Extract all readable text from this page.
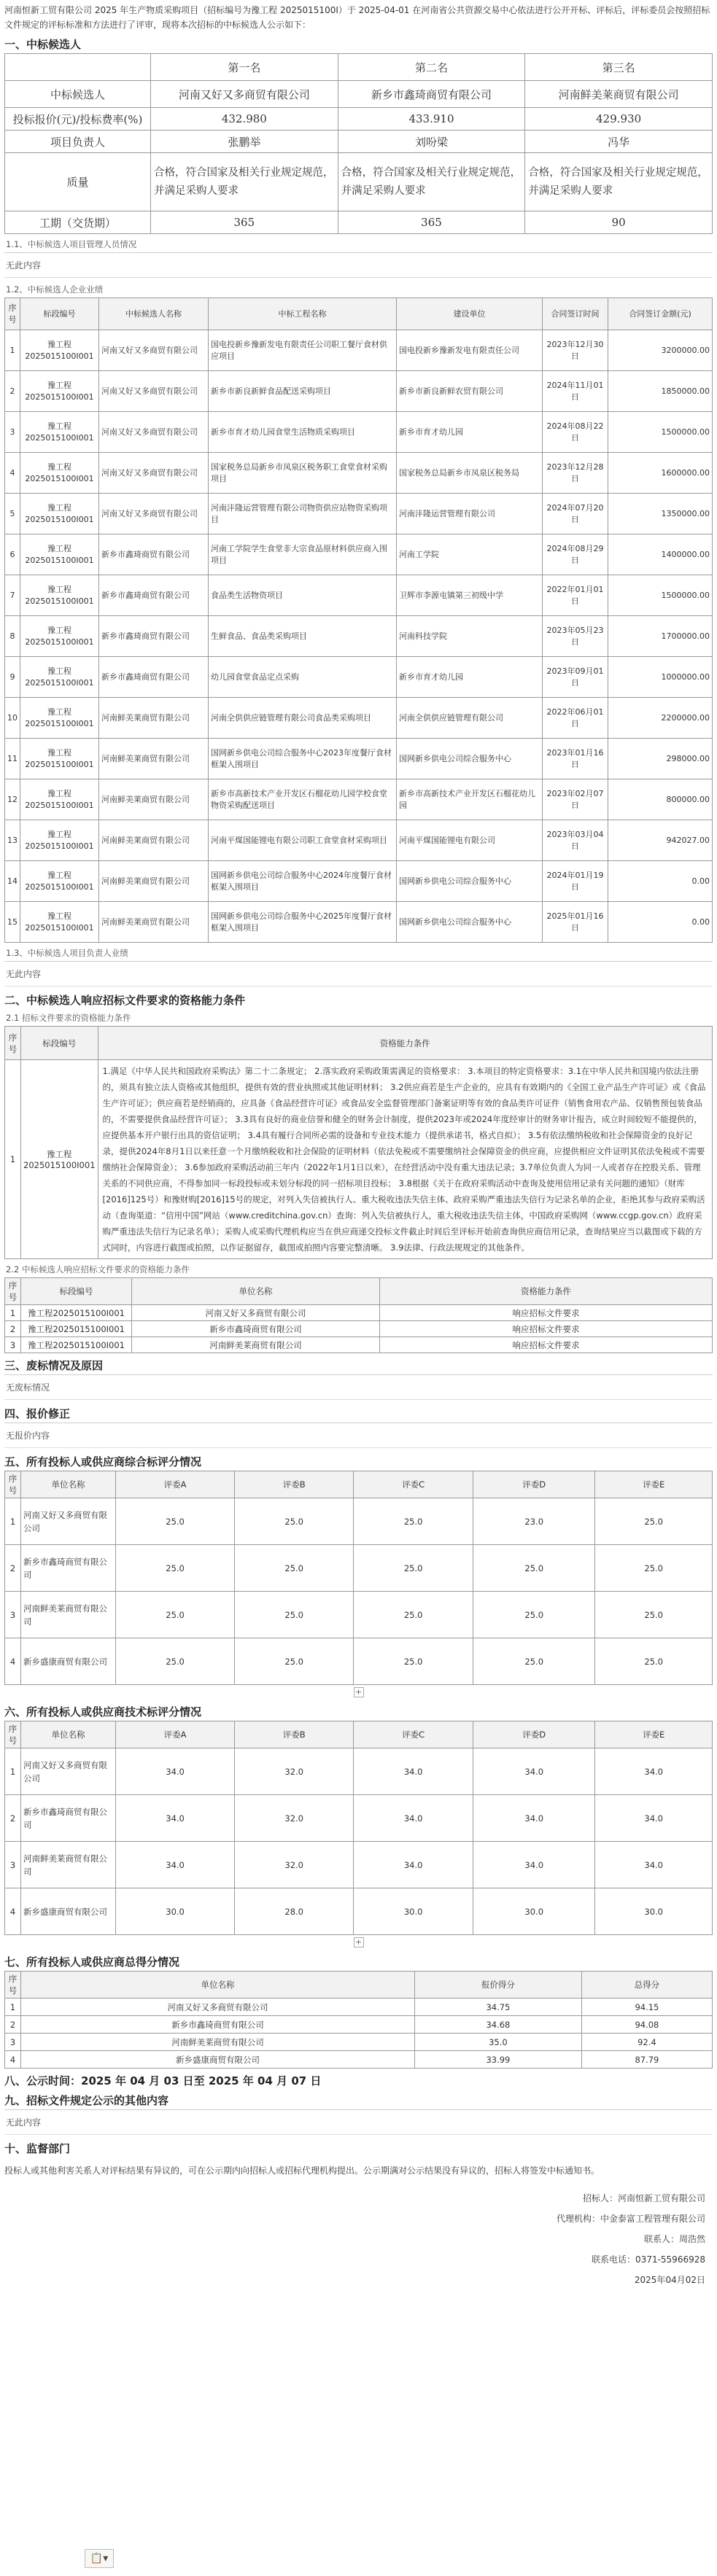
河南恒新工贸有限公司 2025 年生产物质采购项目（招标编号为豫工程 2025015100I）于 2025-04-01 在河南省公共资源交易中心依法进行公开开标、评标后，评标委员会按照招标文件规定的评标标准和方法进行了评审，现将本次招标的中标候选人公示如下：

一、中标候选人
	第一名	第二名	第三名
中标候选人	河南又好又多商贸有限公司	新乡市鑫琦商贸有限公司	河南鲜美莱商贸有限公司
投标报价(元)/投标费率(%)	432.980	433.910	429.930
项目负责人	张鹏举	刘吩梁	冯华
质量	合格，符合国家及相关行业规定规范，并满足采购人要求	合格，符合国家及相关行业规定规范，并满足采购人要求	合格，符合国家及相关行业规定规范，并满足采购人要求
工期（交货期）	365	365	90
1.1、中标候选人项目管理人员情况
无此内容
1.2、中标候选人企业业绩
序号	标段编号	中标候选人名称	中标工程名称	建设单位	合同签订时间	合同签订金额(元)
1	豫工程2025015100I001	河南又好又多商贸有限公司	国电投新乡豫新发电有限责任公司职工餐厅食材供应项目	国电投新乡豫新发电有限责任公司	2023年12月30日	3200000.00
2	豫工程2025015100I001	河南又好又多商贸有限公司	新乡市新良新鲜食品配送采购项目	新乡市新良新鲜农贸有限公司	2024年11月01日	1850000.00
3	豫工程2025015100I001	河南又好又多商贸有限公司	新乡市育才幼儿园食堂生活物质采购项目	新乡市育才幼儿园	2024年08月22日	1500000.00
4	豫工程2025015100I001	河南又好又多商贸有限公司	国家税务总局新乡市凤泉区税务职工食堂食材采购项目	国家税务总局新乡市凤泉区税务局	2023年12月28日	1600000.00
5	豫工程2025015100I001	河南又好又多商贸有限公司	河南沣隆运营管理有限公司物资供应站物资采购项目	河南沣隆运营管理有限公司	2024年07月20日	1350000.00
6	豫工程2025015100I001	新乡市鑫琦商贸有限公司	河南工学院学生食堂非大宗食品原材料供应商入围项目	河南工学院	2024年08月29日	1400000.00
7	豫工程2025015100I001	新乡市鑫琦商贸有限公司	食品类生活物资项目	卫辉市李源屯镇第三初级中学	2022年01月01日	1500000.00
8	豫工程2025015100I001	新乡市鑫琦商贸有限公司	生鲜食品、食品类采购项目	河南科技学院	2023年05月23日	1700000.00
9	豫工程2025015100I001	新乡市鑫琦商贸有限公司	幼儿园食堂食品定点采购	新乡市育才幼儿园	2023年09月01日	1000000.00
10	豫工程2025015100I001	河南鲜美莱商贸有限公司	河南全供供应链管理有限公司食品类采购项目	河南全供供应链管理有限公司	2022年06月01日	2200000.00
11	豫工程2025015100I001	河南鲜美莱商贸有限公司	国网新乡供电公司综合服务中心2023年度餐厅食材框架入围项目	国网新乡供电公司综合服务中心	2023年01月16日	298000.00
12	豫工程2025015100I001	河南鲜美莱商贸有限公司	新乡市高新技术产业开发区石榴花幼儿园学校食堂物资采购配送项目	新乡市高新技术产业开发区石榴花幼儿园	2023年02月07日	800000.00
13	豫工程2025015100I001	河南鲜美莱商贸有限公司	河南平煤国能锂电有限公司职工食堂食材采购项目	河南平煤国能锂电有限公司	2023年03月04日	942027.00
14	豫工程2025015100I001	河南鲜美莱商贸有限公司	国网新乡供电公司综合服务中心2024年度餐厅食材框架入围项目	国网新乡供电公司综合服务中心	2024年01月19日	0.00
15	豫工程2025015100I001	河南鲜美莱商贸有限公司	国网新乡供电公司综合服务中心2025年度餐厅食材框架入围项目	国网新乡供电公司综合服务中心	2025年01月16日	0.00
1.3、中标候选人项目负责人业绩
无此内容
二、中标候选人响应招标文件要求的资格能力条件
2.1 招标文件要求的资格能力条件
序号	标段编号	资格能力条件
1	豫工程2025015100I001	1.满足《中华人民共和国政府采购法》第二十二条规定； 2.落实政府采购政策需满足的资格要求： 3.本项目的特定资格要求：3.1在中华人民共和国境内依法注册的，须具有独立法人资格或其他组织，提供有效的营业执照或其他证明材料； 3.2供应商若是生产企业的，应具有有效期内的《全国工业产品生产许可证》或《食品生产许可证》；供应商若是经销商的，应具备《食品经营许可证》或食品安全监督管理部门备案证明等有效的食品类许可证件（销售食用农产品、仅销售预包装食品的，不需要提供食品经营许可证）； 3.3具有良好的商业信誉和健全的财务会计制度，提供2023年或2024年度经审计的财务审计报告，成立时间较短不能提供的，应提供基本开户银行出具的资信证明； 3.4具有履行合同所必需的设备和专业技术能力（提供承诺书，格式自拟）； 3.5有依法缴纳税收和社会保障资金的良好记录，提供2024年8月1日以来任意一个月缴纳税收和社会保险的证明材料（依法免税或不需要缴纳社会保障资金的供应商，应提供相应文件证明其依法免税或不需要缴纳社会保障资金）； 3.6参加政府采购活动前三年内（2022年1月1日以来），在经营活动中没有重大违法记录；3.7单位负责人为同一人或者存在控股关系、管理关系的不同供应商，不得参加同一标段投标或未划分标段的同一招标项目投标； 3.8根据《关于在政府采购活动中查询及使用信用记录有关问题的通知》（财库[2016]125号）和豫财购[2016]15号的规定，对列入失信被执行人、重大税收违法失信主体、政府采购严重违法失信行为记录名单的企业，拒绝其参与政府采购活动（查询渠道：“信用中国”网站（www.creditchina.gov.cn）查询：列入失信被执行人，重大税收违法失信主体，中国政府采购网（www.ccgp.gov.cn）政府采购严重违法失信行为记录名单）；采购人或采购代理机构应当在供应商递交投标文件截止时间后至评标开始前查询供应商信用记录，查询结果应当以截图或下载的方式同时，内容进行截图或拍照，以作证据留存，截图或拍照内容要完整清晰。 3.9法律、行政法规规定的其他条件。
2.2 中标候选人响应招标文件要求的资格能力条件
序号	标段编号	单位名称	资格能力条件
1	豫工程2025015100I001	河南又好又多商贸有限公司	响应招标文件要求
2	豫工程2025015100I001	新乡市鑫琦商贸有限公司	响应招标文件要求
3	豫工程2025015100I001	河南鲜美莱商贸有限公司	响应招标文件要求
三、废标情况及原因
无废标情况
四、报价修正
无报价内容
五、所有投标人或供应商综合标评分情况
序号	单位名称	评委A	评委B	评委C	评委D	评委E
1	河南又好又多商贸有限公司	25.0	25.0	25.0	23.0	25.0
2	新乡市鑫琦商贸有限公司	25.0	25.0	25.0	25.0	25.0
3	河南鲜美莱商贸有限公司	25.0	25.0	25.0	25.0	25.0
4	新乡盛康商贸有限公司	25.0	25.0	25.0	25.0	25.0
+
六、所有投标人或供应商技术标评分情况
序号	单位名称	评委A	评委B	评委C	评委D	评委E
1	河南又好又多商贸有限公司	34.0	32.0	34.0	34.0	34.0
2	新乡市鑫琦商贸有限公司	34.0	32.0	34.0	34.0	34.0
3	河南鲜美莱商贸有限公司	34.0	32.0	34.0	34.0	34.0
4	新乡盛康商贸有限公司	30.0	28.0	30.0	30.0	30.0
+
七、所有投标人或供应商总得分情况
序号	单位名称	报价得分	总得分
1	河南又好又多商贸有限公司	34.75	94.15
2	新乡市鑫琦商贸有限公司	34.68	94.08
3	河南鲜美莱商贸有限公司	35.0	92.4
4	新乡盛康商贸有限公司	33.99	87.79
八、公示时间：2025 年 04 月 03 日至 2025 年 04 月 07 日
九、招标文件规定公示的其他内容
无此内容
十、监督部门

投标人或其他利害关系人对评标结果有异议的，可在公示期内向招标人或招标代理机构提出。公示期满对公示结果没有异议的，招标人将签发中标通知书。

招标人：河南恒新工贸有限公司
代理机构：中金泰富工程管理有限公司
联系人：周浩然
联系电话：0371-55966928
2025年04月02日
📋▾
